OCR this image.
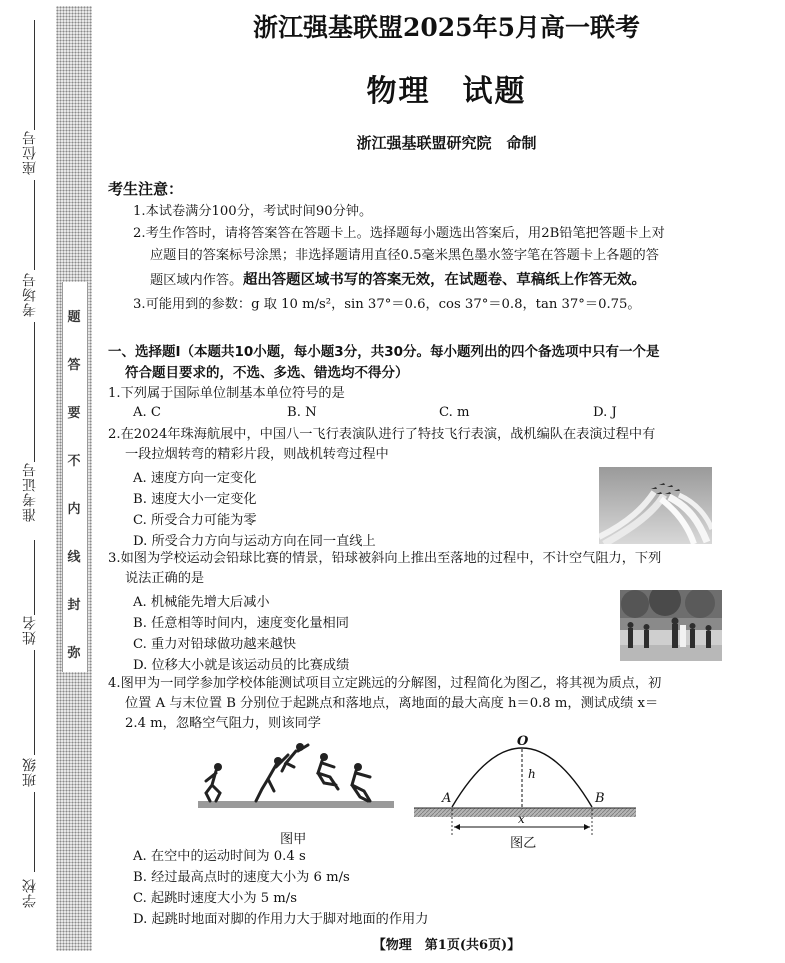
题
答
要
不
内
线
封
弥
座位号
考场号
准考证号
姓名
班级
学校
浙江强基联盟2025年5月高一联考
物理　试题
浙江强基联盟研究院　命制
考生注意：
1.本试卷满分100分，考试时间90分钟。
2.考生作答时，请将答案答在答题卡上。选择题每小题选出答案后，用2B铅笔把答题卡上对
应题目的答案标号涂黑；非选择题请用直径0.5毫米黑色墨水签字笔在答题卡上各题的答
题区域内作答。 超出答题区域书写的答案无效，在试题卷、草稿纸上作答无效。
3.可能用到的参数：g 取 10 m/s²，sin 37°＝0.6，cos 37°＝0.8，tan 37°＝0.75。
一、选择题Ⅰ（本题共10小题，每小题3分，共30分。每小题列出的四个备选项中只有一个是
符合题目要求的，不选、多选、错选均不得分）
1.下列属于国际单位制基本单位符号的是
A. C	B. N	C. m	D. J
2.在2024年珠海航展中，中国八一飞行表演队进行了特技飞行表演，战机编队在表演过程中有
一段拉烟转弯的精彩片段，则战机转弯过程中
A. 速度方向一定变化
B. 速度大小一定变化
C. 所受合力可能为零
D. 所受合力方向与运动方向在同一直线上
3.如图为学校运动会铅球比赛的情景，铅球被斜向上推出至落地的过程中，不计空气阻力，下列
说法正确的是
A. 机械能先增大后减小
B. 任意相等时间内，速度变化量相同
C. 重力对铅球做功越来越快
D. 位移大小就是该运动员的比赛成绩
4.图甲为一同学参加学校体能测试项目立定跳远的分解图，过程简化为图乙，将其视为质点，初
位置 A 与末位置 B 分别位于起跳点和落地点，离地面的最大高度 h＝0.8 m，测试成绩 x＝
2.4 m，忽略空气阻力，则该同学
图甲
O
A	B
h
x
图乙
A. 在空中的运动时间为 0.4 s
B. 经过最高点时的速度大小为 6 m/s
C. 起跳时速度大小为 5 m/s
D. 起跳时地面对脚的作用力大于脚对地面的作用力
【物理　第1页(共6页)】
